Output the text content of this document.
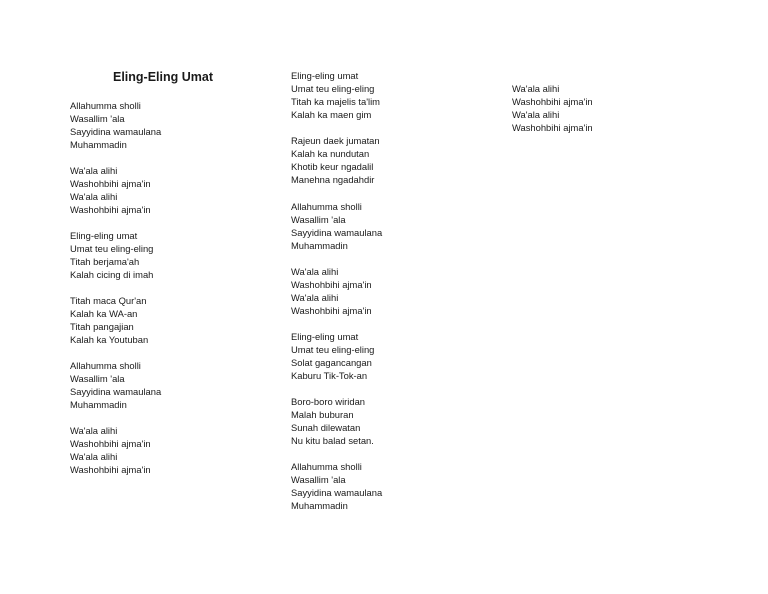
Eling-Eling Umat
Allahumma sholli
Wasallim 'ala
Sayyidina wamaulana
Muhammadin
Wa'ala alihi
Washohbihi ajma'in
Wa'ala alihi
Washohbihi ajma'in
Eling-eling umat
Umat teu eling-eling
Titah berjama'ah
Kalah cicing di imah
Titah maca Qur'an
Kalah ka WA-an
Titah pangajian
Kalah ka Youtuban
Allahumma sholli
Wasallim 'ala
Sayyidina wamaulana
Muhammadin
Wa'ala alihi
Washohbihi ajma'in
Wa'ala alihi
Washohbihi ajma'in
Eling-eling umat
Umat teu eling-eling
Titah ka majelis ta'lim
Kalah ka maen gim
Rajeun daek jumatan
Kalah ka nundutan
Khotib keur ngadalil
Manehna ngadahdir
Allahumma sholli
Wasallim 'ala
Sayyidina wamaulana
Muhammadin
Wa'ala alihi
Washohbihi ajma'in
Wa'ala alihi
Washohbihi ajma'in
Eling-eling umat
Umat teu eling-eling
Solat gagancangan
Kaburu Tik-Tok-an
Boro-boro wiridan
Malah buburan
Sunah dilewatan
Nu kitu balad setan.
Allahumma sholli
Wasallim 'ala
Sayyidina wamaulana
Muhammadin
Wa'ala alihi
Washohbihi ajma'in
Wa'ala alihi
Washohbihi ajma'in
